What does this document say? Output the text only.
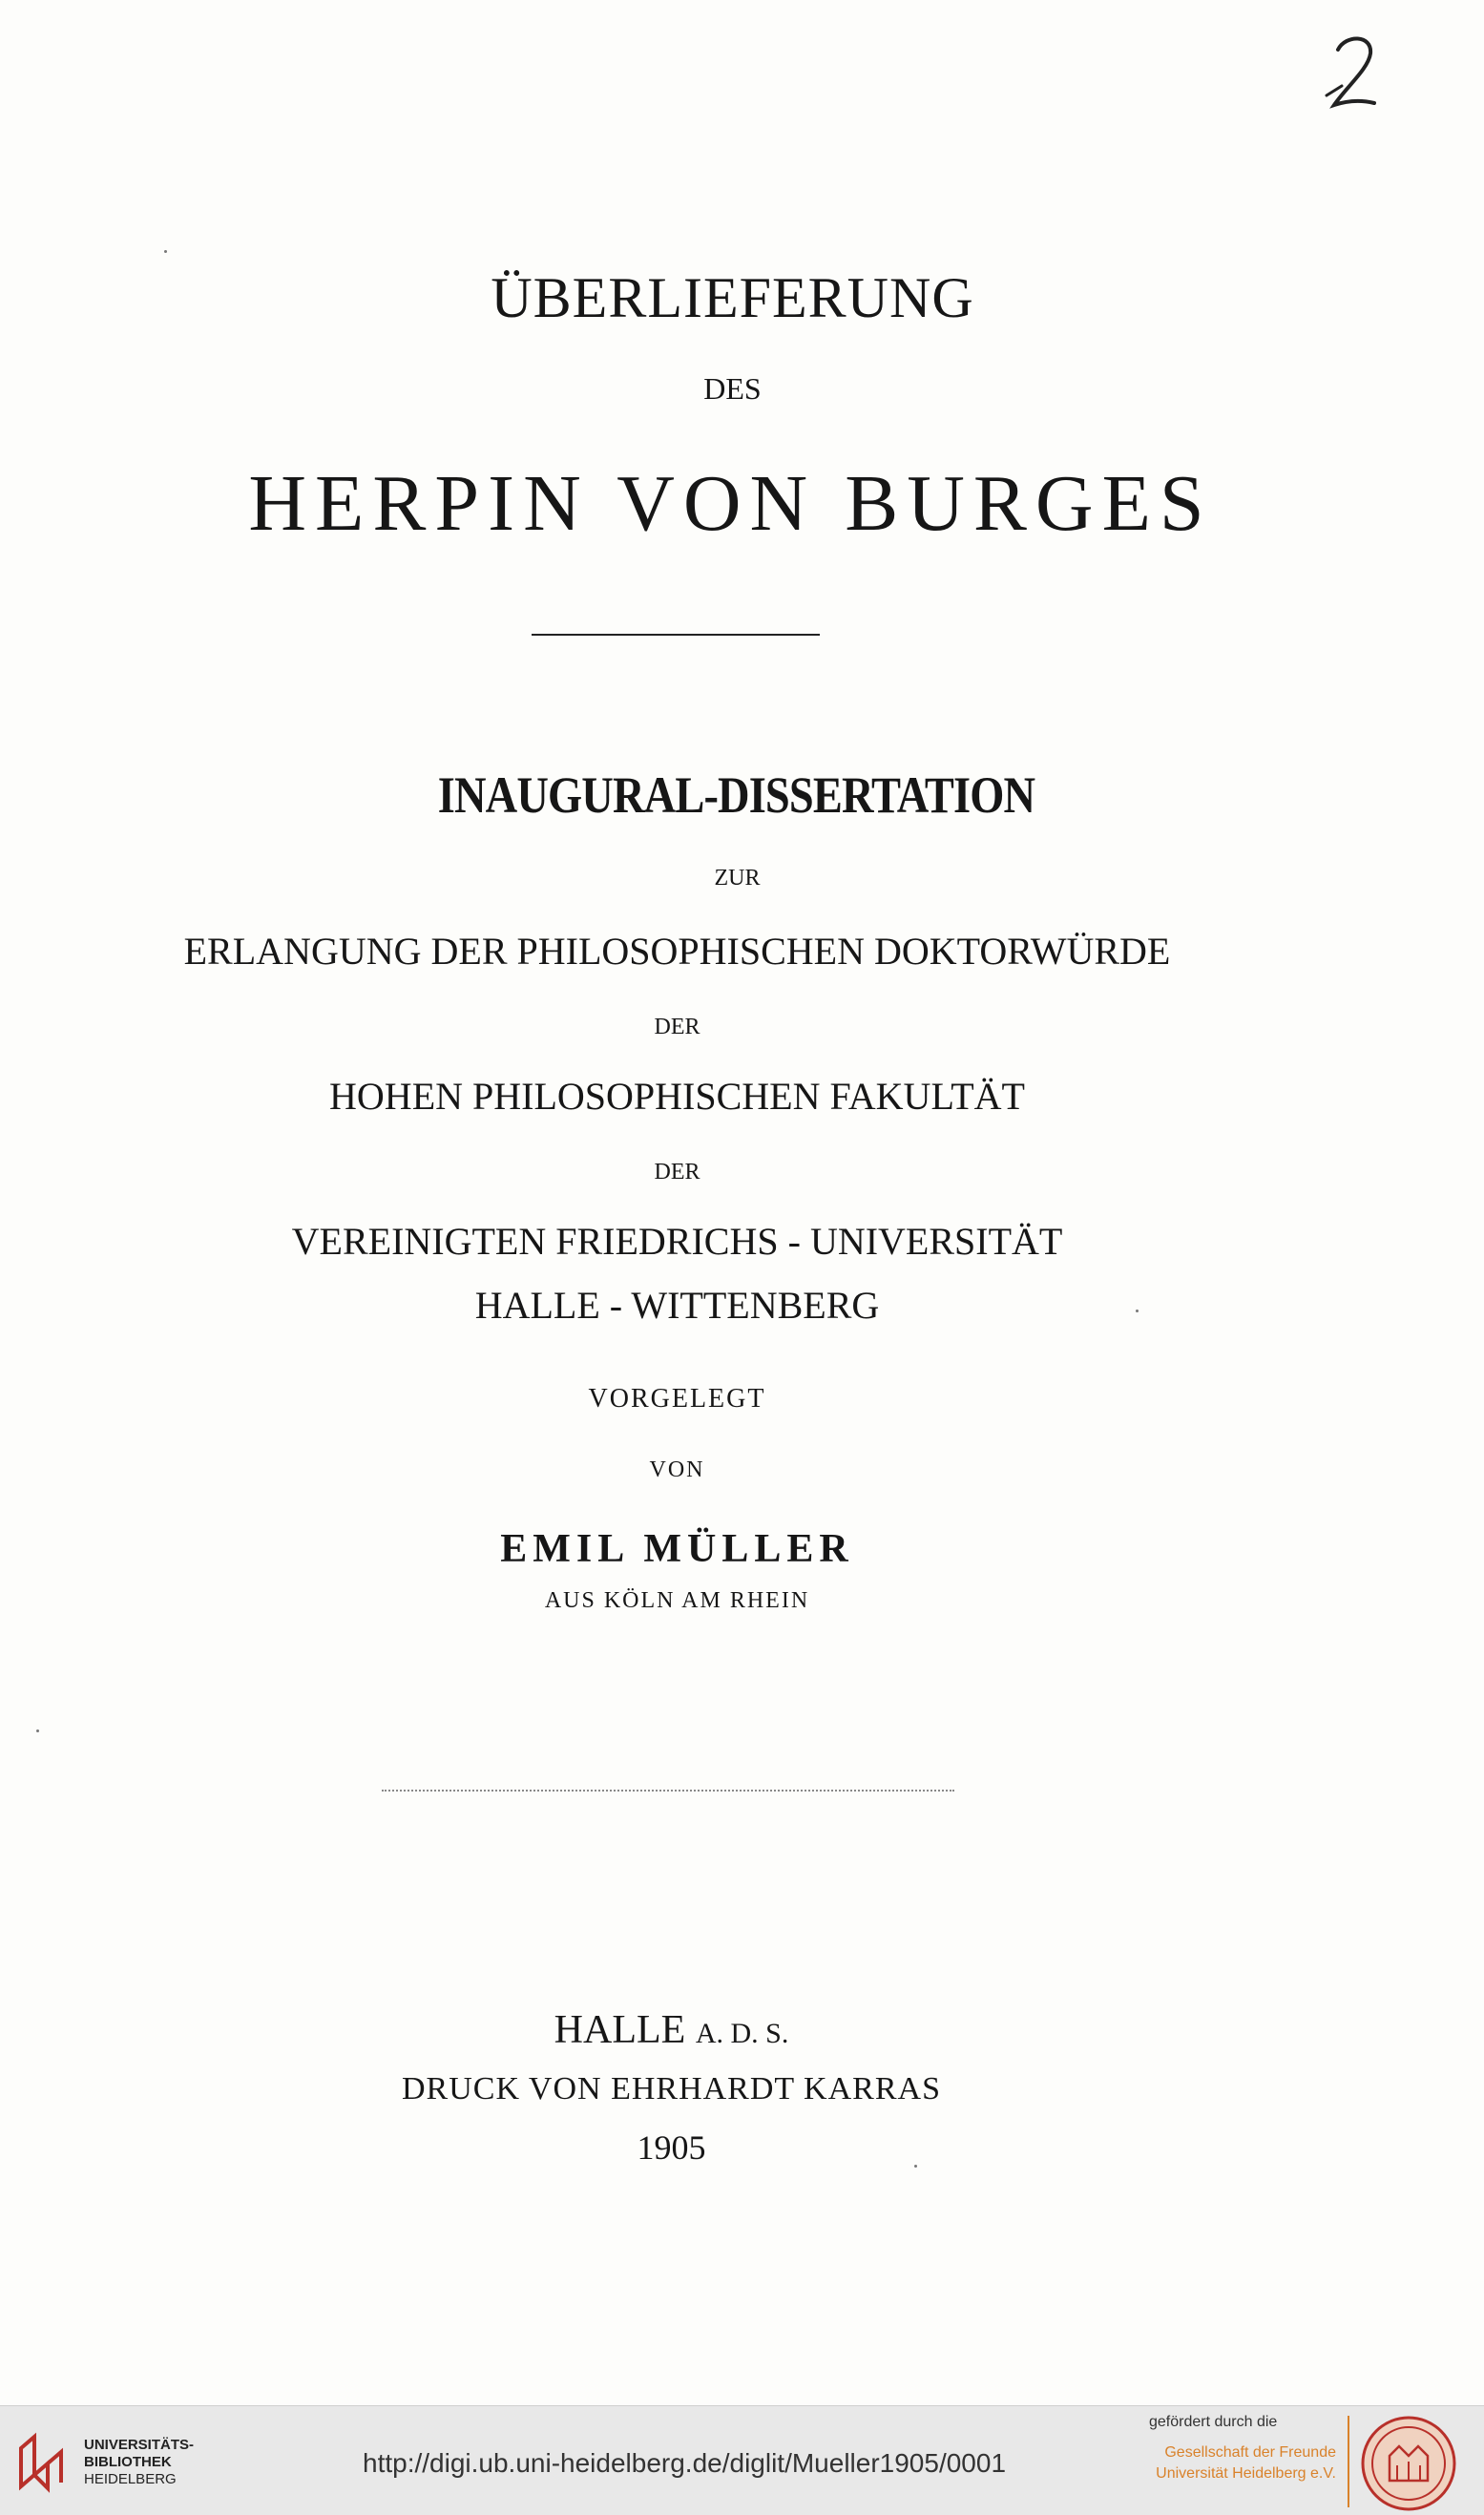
ÜBERLIEFERUNG
DES
HERPIN VON BURGES
INAUGURAL-DISSERTATION
ZUR
ERLANGUNG DER PHILOSOPHISCHEN DOKTORWÜRDE
DER
HOHEN PHILOSOPHISCHEN FAKULTÄT
DER
VEREINIGTEN FRIEDRICHS - UNIVERSITÄT
HALLE - WITTENBERG
VORGELEGT
VON
EMIL MÜLLER
AUS KÖLN AM RHEIN
HALLE A. D. S.
DRUCK VON EHRHARDT KARRAS
1905
UNIVERSITÄTS-
BIBLIOTHEK
HEIDELBERG
http://digi.ub.uni-heidelberg.de/diglit/Mueller1905/0001
gefördert durch die
Gesellschaft der Freunde
Universität Heidelberg e.V.
